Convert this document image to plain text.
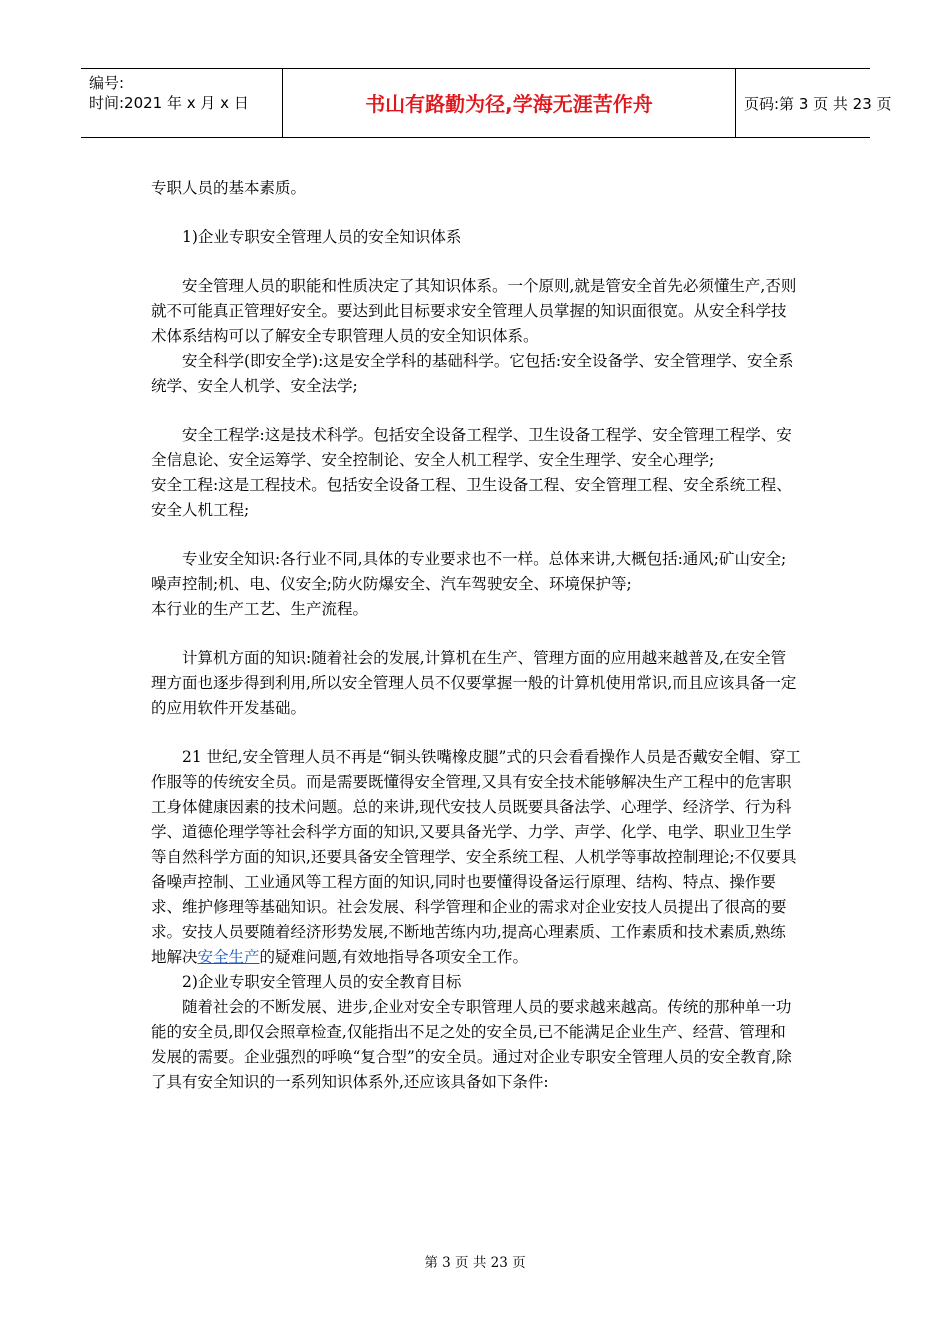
编号:
时间:2021 年 x 月 x 日	书山有路勤为径,学海无涯苦作舟	页码:第 3 页 共 23 页

专职人员的基本素质。

1)企业专职安全管理人员的安全知识体系

安全管理人员的职能和性质决定了其知识体系。一个原则,就是管安全首先必须懂生产,否则就不可能真正管理好安全。要达到此目标要求安全管理人员掌握的知识面很宽。从安全科学技术体系结构可以了解安全专职管理人员的安全知识体系。

安全科学(即安全学):这是安全学科的基础科学。它包括:安全设备学、安全管理学、安全系统学、安全人机学、安全法学;

安全工程学:这是技术科学。包括安全设备工程学、卫生设备工程学、安全管理工程学、安全信息论、安全运筹学、安全控制论、安全人机工程学、安全生理学、安全心理学;

安全工程:这是工程技术。包括安全设备工程、卫生设备工程、安全管理工程、安全系统工程、安全人机工程;

专业安全知识:各行业不同,具体的专业要求也不一样。总体来讲,大概包括:通风;矿山安全;噪声控制;机、电、仪安全;防火防爆安全、汽车驾驶安全、环境保护等;

本行业的生产工艺、生产流程。

计算机方面的知识:随着社会的发展,计算机在生产、管理方面的应用越来越普及,在安全管理方面也逐步得到利用,所以安全管理人员不仅要掌握一般的计算机使用常识,而且应该具备一定的应用软件开发基础。

21 世纪,安全管理人员不再是“铜头铁嘴橡皮腿”式的只会看看操作人员是否戴安全帽、穿工作服等的传统安全员。而是需要既懂得安全管理,又具有安全技术能够解决生产工程中的危害职工身体健康因素的技术问题。总的来讲,现代安技人员既要具备法学、心理学、经济学、行为科学、道德伦理学等社会科学方面的知识,又要具备光学、力学、声学、化学、电学、职业卫生学等自然科学方面的知识,还要具备安全管理学、安全系统工程、人机学等事故控制理论;不仅要具备噪声控制、工业通风等工程方面的知识,同时也要懂得设备运行原理、结构、特点、操作要求、维护修理等基础知识。社会发展、科学管理和企业的需求对企业安技人员提出了很高的要求。安技人员要随着经济形势发展,不断地苦练内功,提高心理素质、工作素质和技术素质,熟练地解决安全生产的疑难问题,有效地指导各项安全工作。

2)企业专职安全管理人员的安全教育目标

随着社会的不断发展、进步,企业对安全专职管理人员的要求越来越高。传统的那种单一功能的安全员,即仅会照章检查,仅能指出不足之处的安全员,已不能满足企业生产、经营、管理和发展的需要。企业强烈的呼唤“复合型”的安全员。通过对企业专职安全管理人员的安全教育,除了具有安全知识的一系列知识体系外,还应该具备如下条件:

第 3 页 共 23 页
